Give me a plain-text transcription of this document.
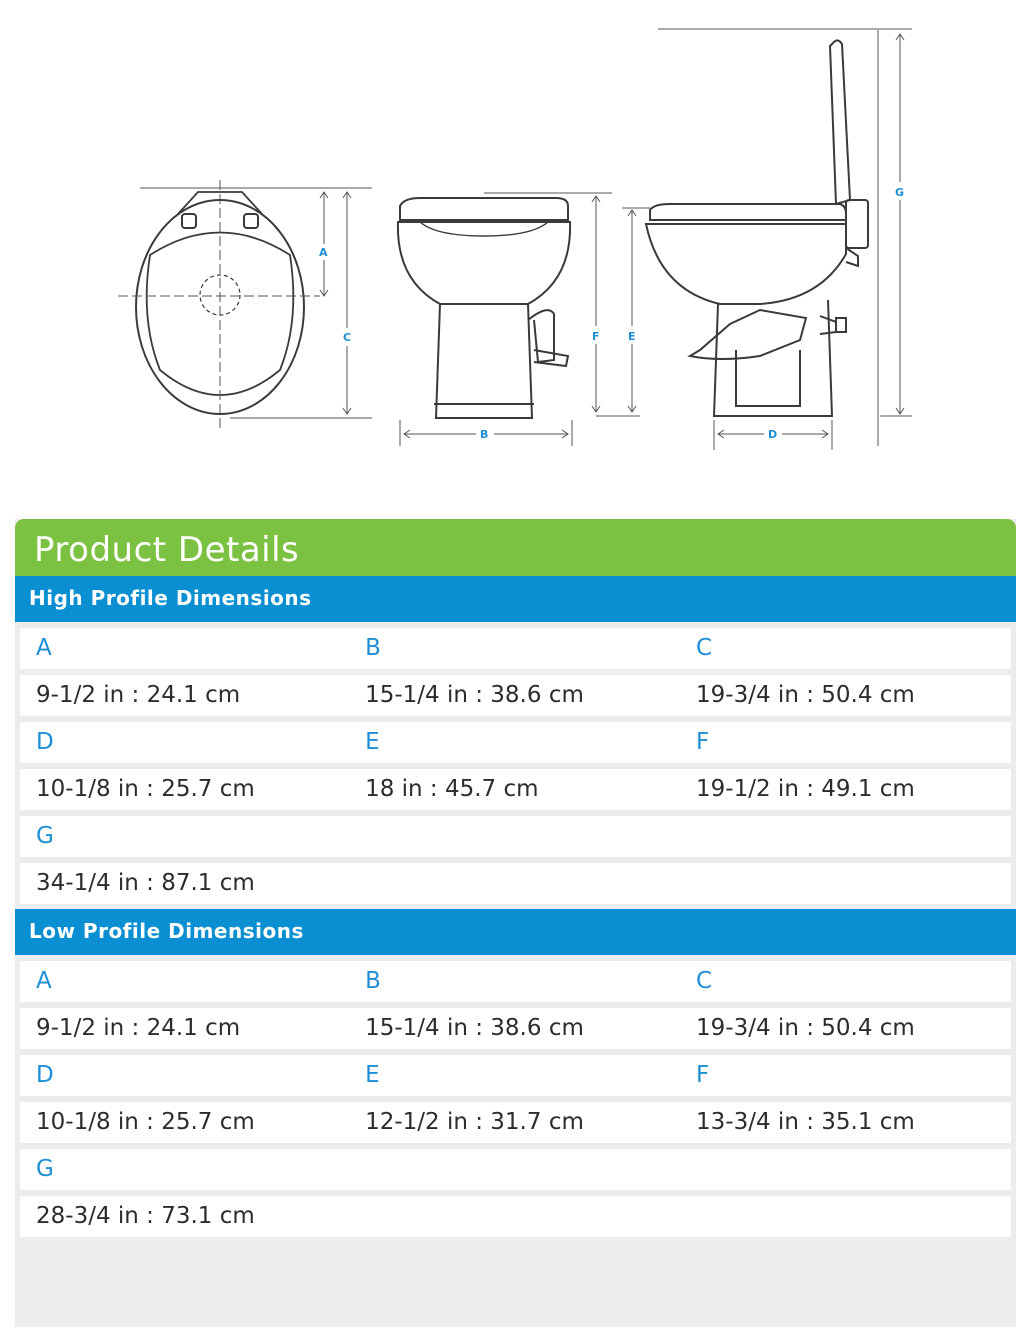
A
C
B
F	E
D
G
Product Details
High Profile Dimensions
A	B	C
9-1/2 in : 24.1 cm	15-1/4 in : 38.6 cm	19-3/4 in : 50.4 cm
D	E	F
10-1/8 in : 25.7 cm	18 in : 45.7 cm	19-1/2 in : 49.1 cm
G
34-1/4 in : 87.1 cm
Low Profile Dimensions
A	B	C
9-1/2 in : 24.1 cm	15-1/4 in : 38.6 cm	19-3/4 in : 50.4 cm
D	E	F
10-1/8 in : 25.7 cm	12-1/2 in : 31.7 cm	13-3/4 in : 35.1 cm
G
28-3/4 in : 73.1 cm
